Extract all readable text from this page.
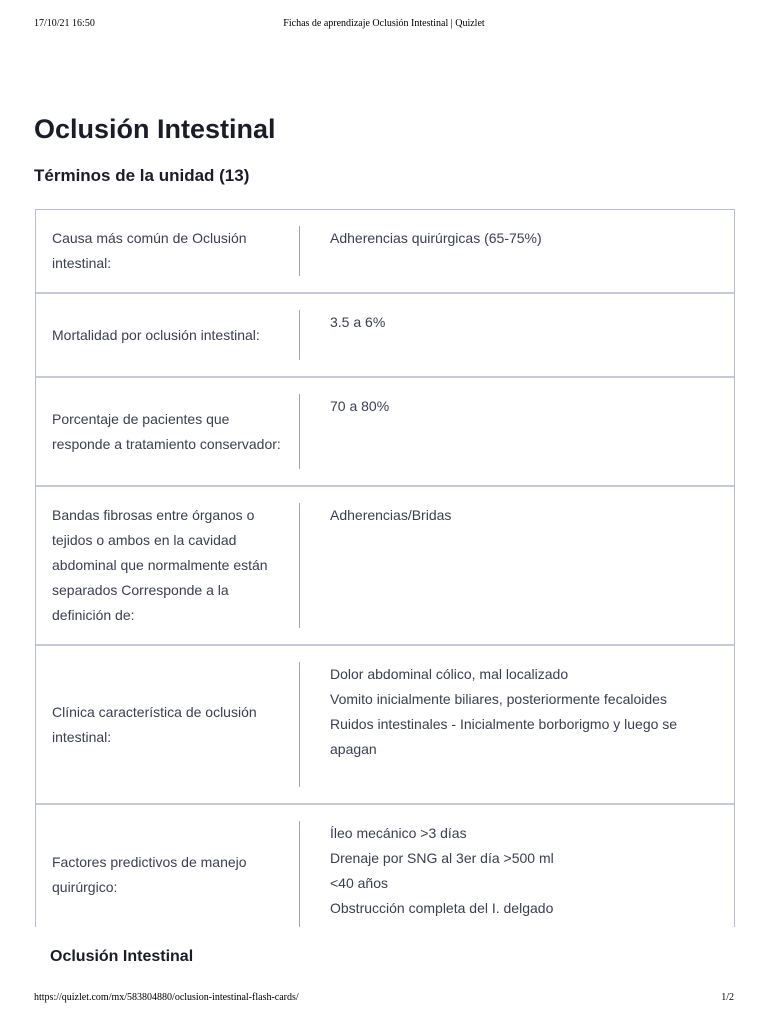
17/10/21 16:50	Fichas de aprendizaje Oclusión Intestinal | Quizlet
Oclusión Intestinal
Términos de la unidad (13)
Causa más común de Oclusión intestinal:
Adherencias quirúrgicas (65-75%)
Mortalidad por oclusión intestinal:
3.5 a 6%
Porcentaje de pacientes que responde a tratamiento conservador:
70 a 80%
Bandas fibrosas entre órganos o tejidos o ambos en la cavidad abdominal que normalmente están separados Corresponde a la definición de:
Adherencias/Bridas
Clínica característica de oclusión intestinal:
Dolor abdominal cólico, mal localizado
Vomito inicialmente biliares, posteriormente fecaloides
Ruidos intestinales - Inicialmente borborigmo y luego se apagan
Factores predictivos de manejo quirúrgico:
Íleo mecánico >3 días
Drenaje por SNG al 3er día >500 ml
<40 años
Obstrucción completa del I. delgado
Oclusión Intestinal
https://quizlet.com/mx/583804880/oclusion-intestinal-flash-cards/	1/2
